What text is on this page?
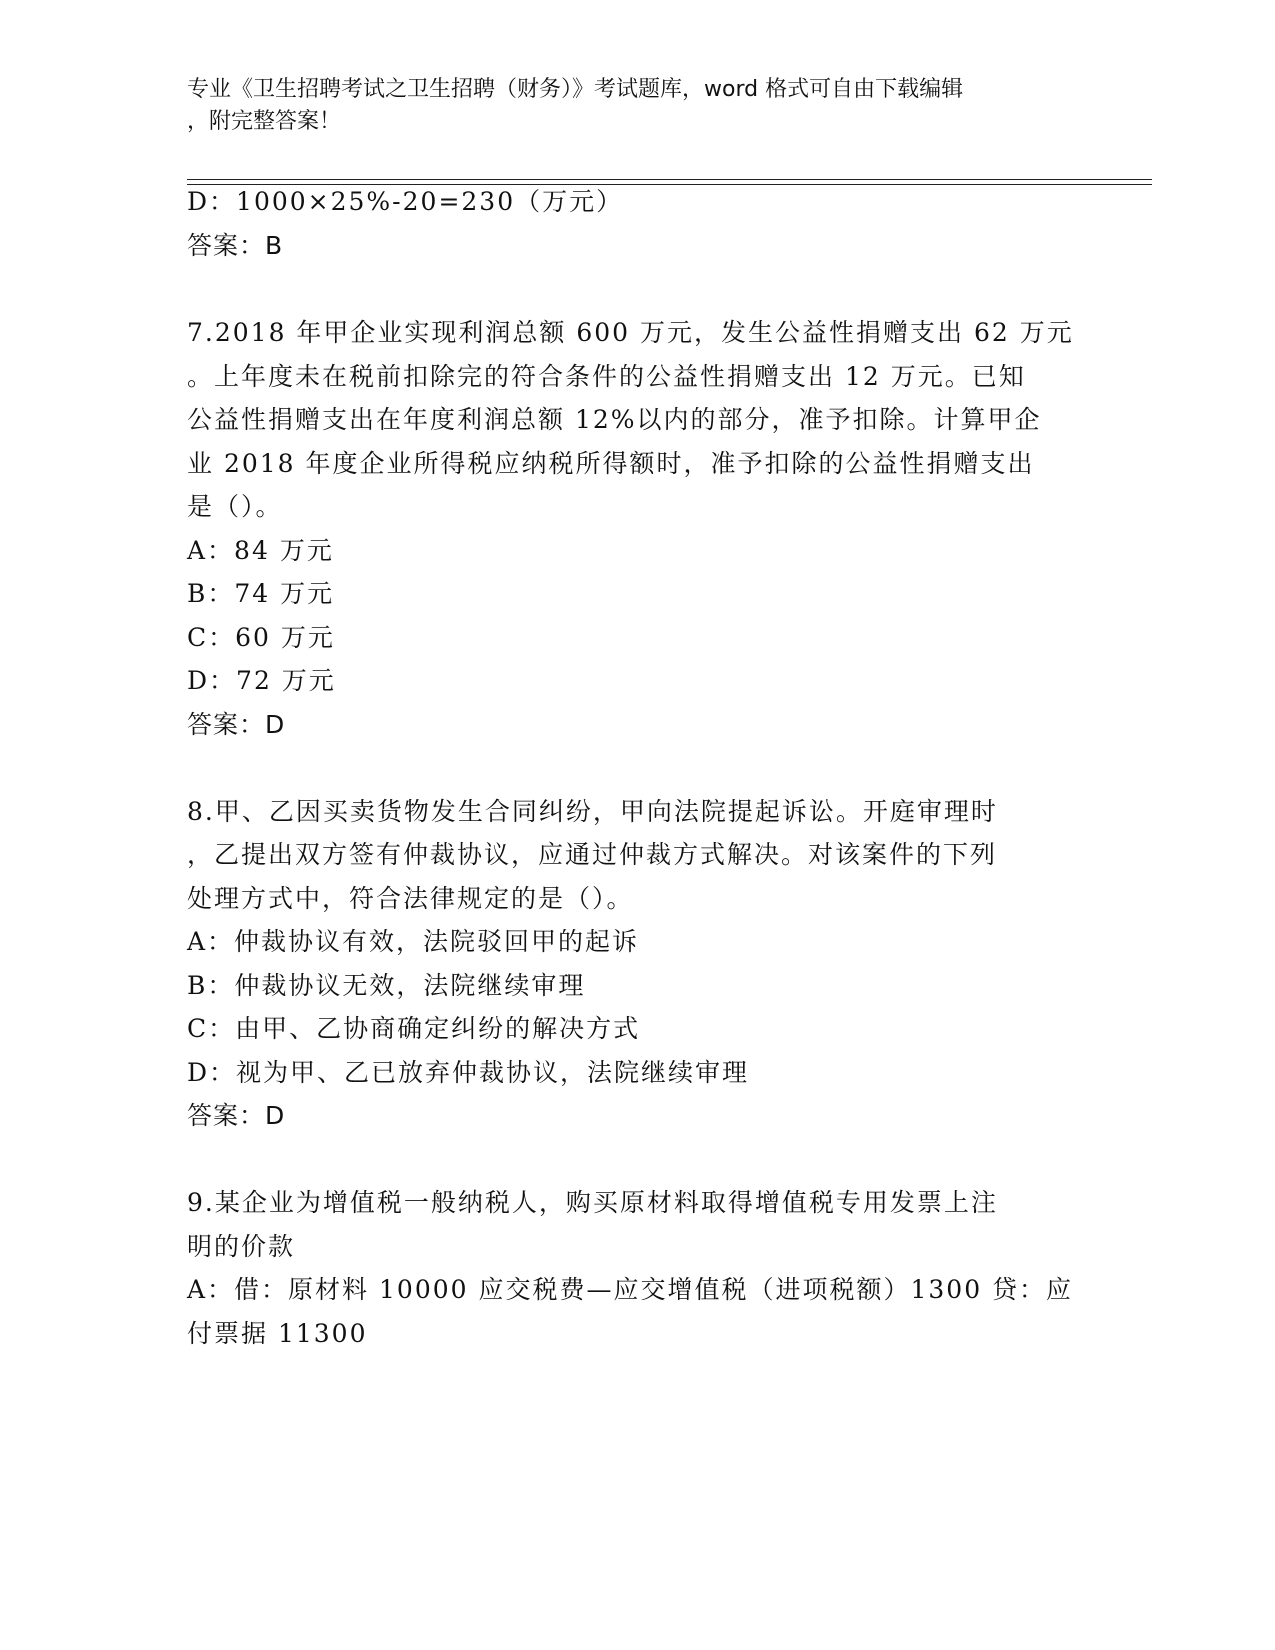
专业《卫生招聘考试之卫生招聘（财务）》考试题库，word 格式可自由下载编辑
，附完整答案！
D：1000×25%-20=230（万元）
答案：B
7.2018 年甲企业实现利润总额 600 万元，发生公益性捐赠支出 62 万元
。上年度未在税前扣除完的符合条件的公益性捐赠支出 12 万元。已知
公益性捐赠支出在年度利润总额 12%以内的部分，准予扣除。计算甲企
业 2018 年度企业所得税应纳税所得额时，准予扣除的公益性捐赠支出
是（）。
A：84 万元
B：74 万元
C：60 万元
D：72 万元
答案：D
8.甲、乙因买卖货物发生合同纠纷，甲向法院提起诉讼。开庭审理时
，乙提出双方签有仲裁协议，应通过仲裁方式解决。对该案件的下列
处理方式中，符合法律规定的是（）。
A：仲裁协议有效，法院驳回甲的起诉
B：仲裁协议无效，法院继续审理
C：由甲、乙协商确定纠纷的解决方式
D：视为甲、乙已放弃仲裁协议，法院继续审理
答案：D
9.某企业为增值税一般纳税人，购买原材料取得增值税专用发票上注
明的价款
A：借：原材料 10000 应交税费—应交增值税（进项税额）1300 贷：应
付票据 11300
